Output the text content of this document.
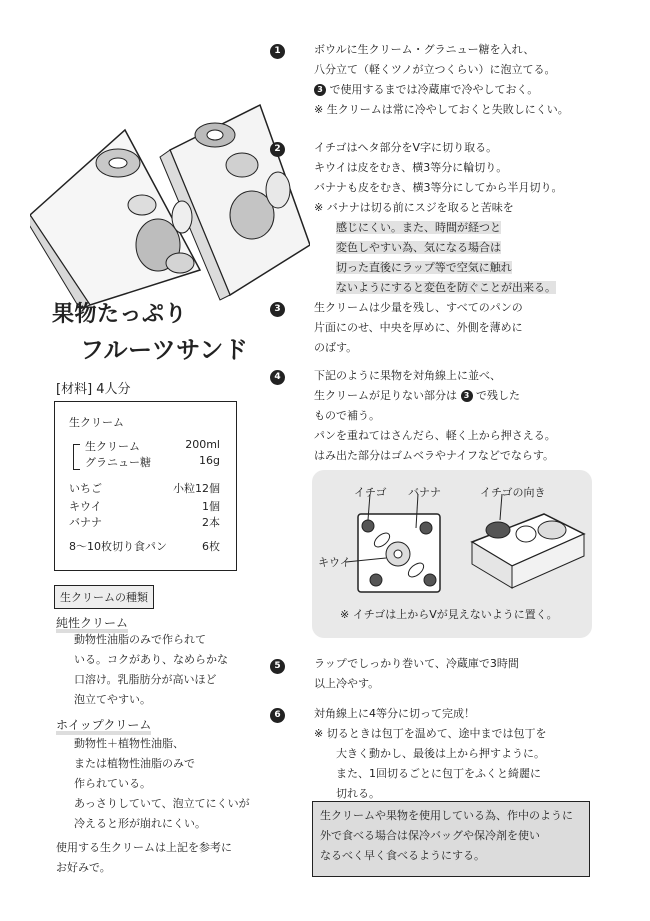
果物たっぷり
フルーツサンド
[材料] 4人分
生クリーム
生クリーム	200ml
グラニュー糖	16g
いちご	小粒12個
キウイ	1個
バナナ	2本
8〜10枚切り食パン	6枚
生クリームの種類
純性クリーム
動物性油脂のみで作られて
いる。コクがあり、なめらかな
口溶け。乳脂肪分が高いほど
泡立てやすい。
ホイップクリーム
動物性＋植物性油脂、
または植物性油脂のみで
作られている。
あっさりしていて、泡立てにくいが
冷えると形が崩れにくい。
使用する生クリームは上記を参考に
お好みで。
1	ボウルに生クリーム・グラニュー糖を入れ、
八分立て（軽くツノが立つくらい）に泡立てる。
3 で使用するまでは冷蔵庫で冷やしておく。
※ 生クリームは常に冷やしておくと失敗しにくい。
2	イチゴはヘタ部分をV字に切り取る。
キウイは皮をむき、横3等分に輪切り。
バナナも皮をむき、横3等分にしてから半月切り。
※ バナナは切る前にスジを取ると苦味を
感じにくい。また、時間が経つと
変色しやすい為、気になる場合は
切った直後にラップ等で空気に触れ
ないようにすると変色を防ぐことが出来る。
3	生クリームは少量を残し、すべてのパンの
片面にのせ、中央を厚めに、外側を薄めに
のばす。
4	下記のように果物を対角線上に並べ、
生クリームが足りない部分は 3 で残した
もので補う。
パンを重ねてはさんだら、軽く上から押さえる。
はみ出た部分はゴムベラやナイフなどでならす。
イチゴ バナナ
キウイ
イチゴの向き
※ イチゴは上からVが見えないように置く。
5	ラップでしっかり巻いて、冷蔵庫で3時間
以上冷やす。
6	対角線上に4等分に切って完成！
※ 切るときは包丁を温めて、途中までは包丁を
大きく動かし、最後は上から押すように。
また、1回切るごとに包丁をふくと綺麗に
切れる。
生クリームや果物を使用している為、作中のように
外で食べる場合は保冷バッグや保冷剤を使い
なるべく早く食べるようにする。
